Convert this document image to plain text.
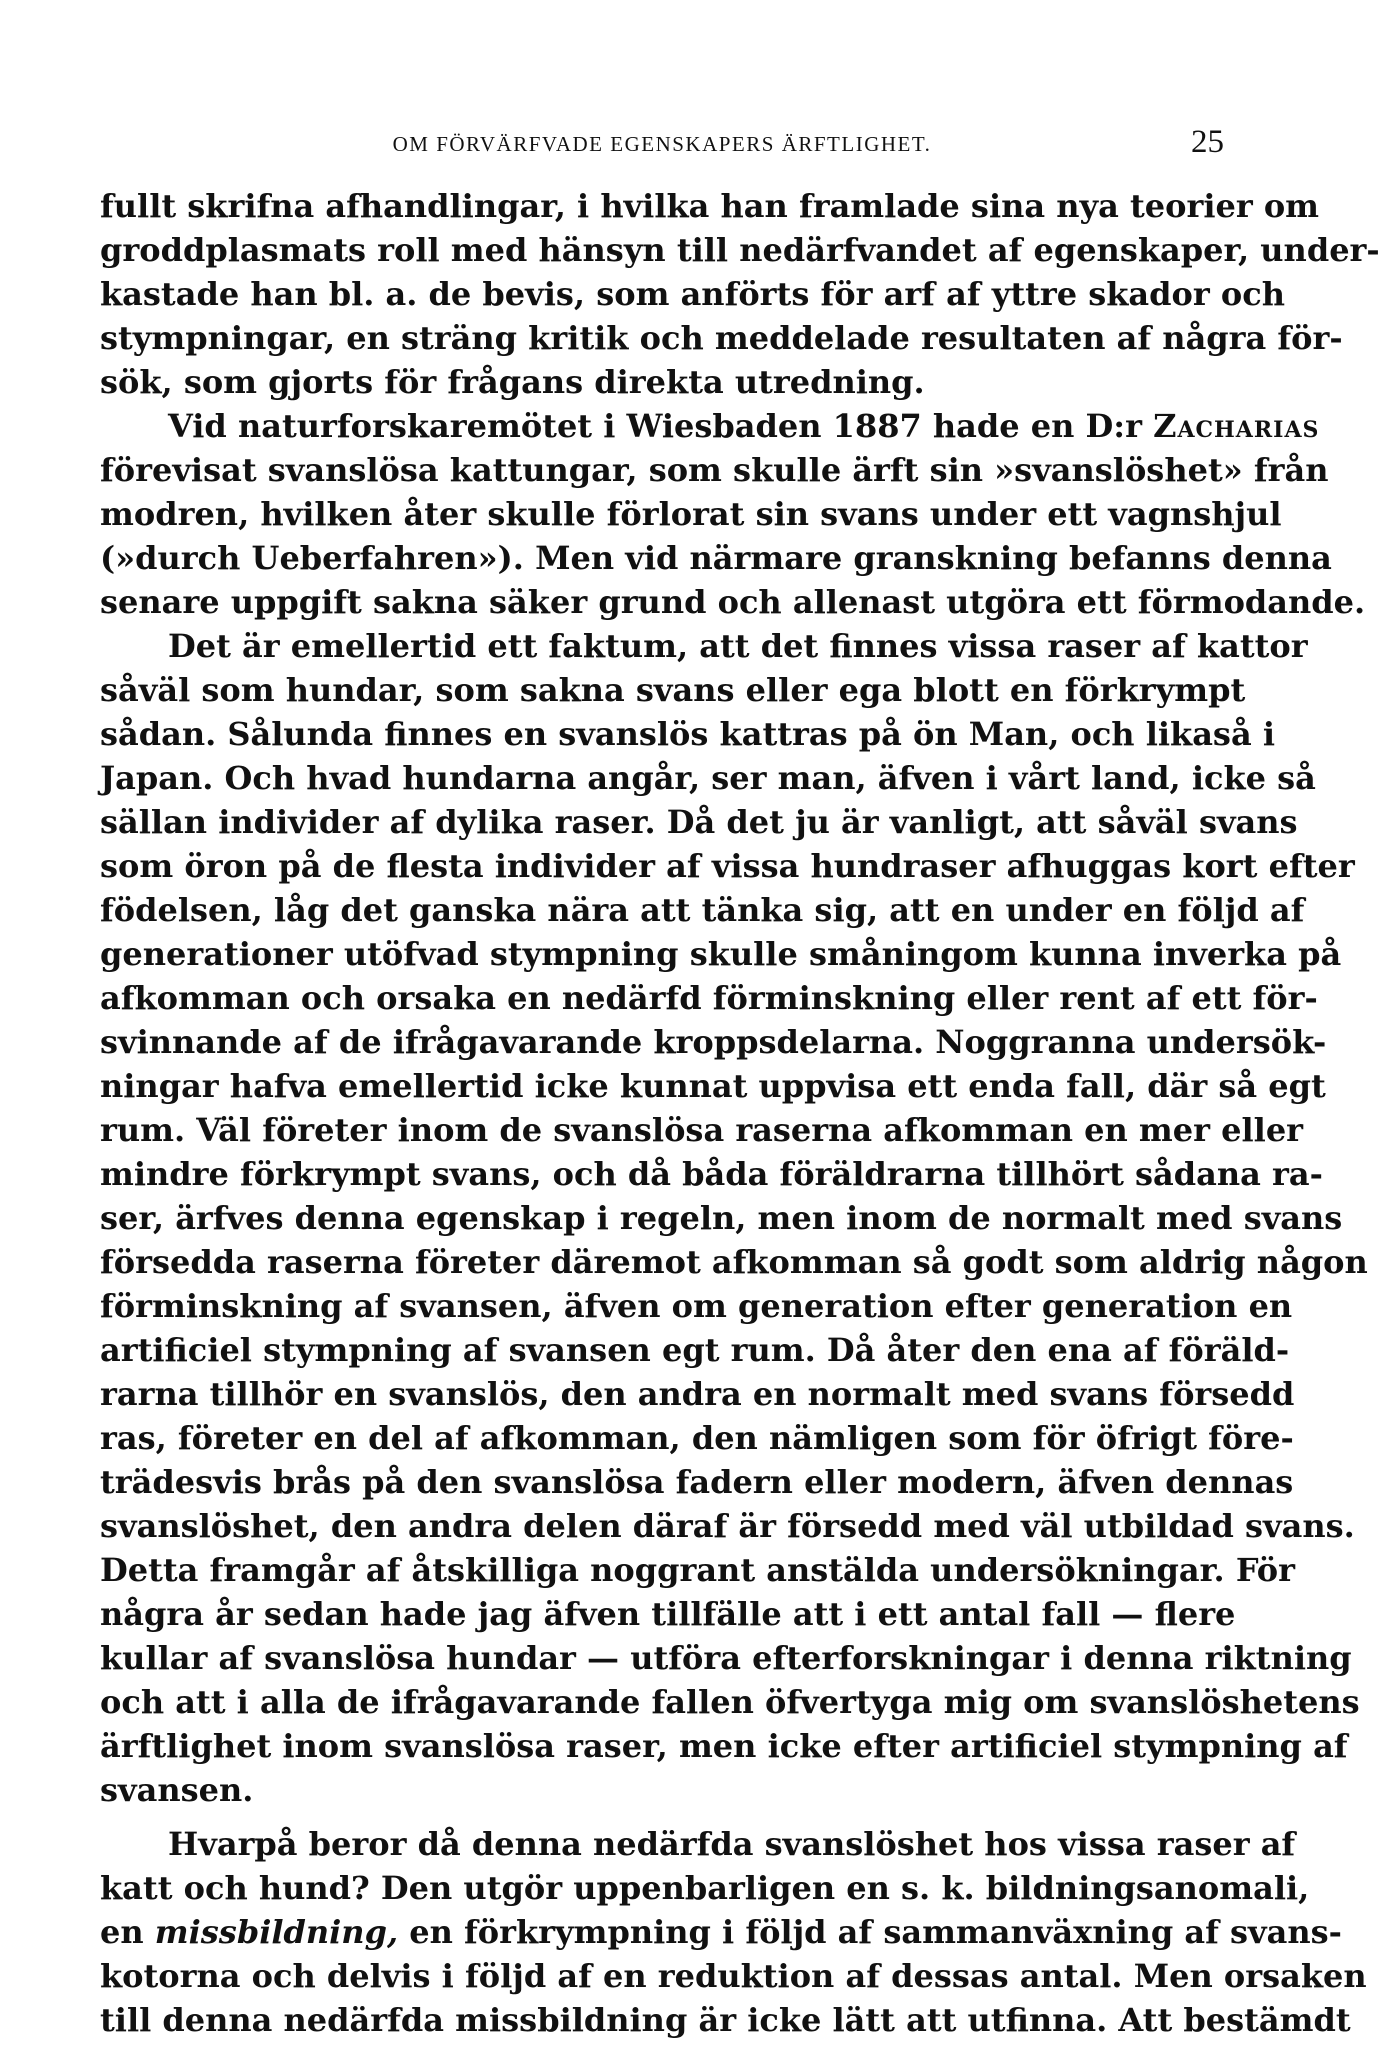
OM FÖRVÄRFVADE EGENSKAPERS ÄRFTLIGHET.	25

fullt skrifna afhandlingar, i hvilka han framlade sina nya teorier om
groddplasmats roll med hänsyn till nedärfvandet af egenskaper, under-
kastade han bl. a. de bevis, som anförts för arf af yttre skador och
stympningar, en sträng kritik och meddelade resultaten af några för-
sök, som gjorts för frågans direkta utredning.

Vid naturforskaremötet i Wiesbaden 1887 hade en D:r Zacharias
förevisat svanslösa kattungar, som skulle ärft sin »svanslöshet» från
modren, hvilken åter skulle förlorat sin svans under ett vagnshjul
(»durch Ueberfahren»). Men vid närmare granskning befanns denna
senare uppgift sakna säker grund och allenast utgöra ett förmodande.

Det är emellertid ett faktum, att det finnes vissa raser af kattor
såväl som hundar, som sakna svans eller ega blott en förkrympt
sådan. Sålunda finnes en svanslös kattras på ön Man, och likaså i
Japan. Och hvad hundarna angår, ser man, äfven i vårt land, icke så
sällan individer af dylika raser. Då det ju är vanligt, att såväl svans
som öron på de flesta individer af vissa hundraser afhuggas kort efter
födelsen, låg det ganska nära att tänka sig, att en under en följd af
generationer utöfvad stympning skulle småningom kunna inverka på
afkomman och orsaka en nedärfd förminskning eller rent af ett för-
svinnande af de ifrågavarande kroppsdelarna. Noggranna undersök-
ningar hafva emellertid icke kunnat uppvisa ett enda fall, där så egt
rum. Väl företer inom de svanslösa raserna afkomman en mer eller
mindre förkrympt svans, och då båda föräldrarna tillhört sådana ra-
ser, ärfves denna egenskap i regeln, men inom de normalt med svans
försedda raserna företer däremot afkomman så godt som aldrig någon
förminskning af svansen, äfven om generation efter generation en
artificiel stympning af svansen egt rum. Då åter den ena af föräld-
rarna tillhör en svanslös, den andra en normalt med svans försedd
ras, företer en del af afkomman, den nämligen som för öfrigt före-
trädesvis brås på den svanslösa fadern eller modern, äfven dennas
svanslöshet, den andra delen däraf är försedd med väl utbildad svans.
Detta framgår af åtskilliga noggrant anstälda undersökningar. För
några år sedan hade jag äfven tillfälle att i ett antal fall — flere
kullar af svanslösa hundar — utföra efterforskningar i denna riktning
och att i alla de ifrågavarande fallen öfvertyga mig om svanslöshetens
ärftlighet inom svanslösa raser, men icke efter artificiel stympning af
svansen.

Hvarpå beror då denna nedärfda svanslöshet hos vissa raser af
katt och hund? Den utgör uppenbarligen en s. k. bildningsanomali,
en missbildning, en förkrympning i följd af sammanväxning af svans-
kotorna och delvis i följd af en reduktion af dessas antal. Men orsaken
till denna nedärfda missbildning är icke lätt att utfinna. Att bestämdt
